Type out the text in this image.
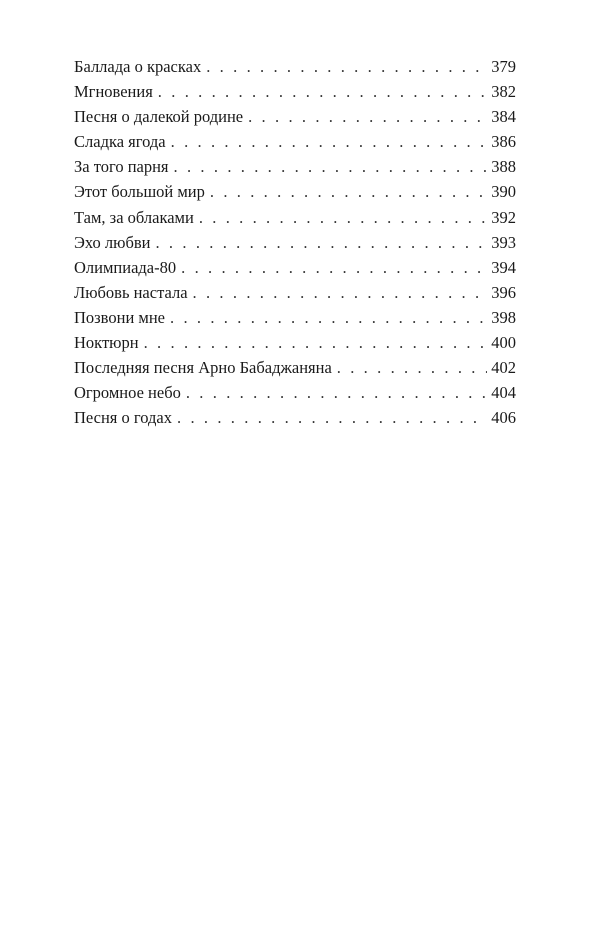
Баллада о красках . . .	379
Мгновения . . .	382
Песня о далекой родине . . .	384
Сладка ягода . . .	386
За того парня . . .	388
Этот большой мир . . .	390
Там, за облаками . . .	392
Эхо любви . . .	393
Олимпиада-80 . . .	394
Любовь настала . . .	396
Позвони мне . . .	398
Ноктюрн . . .	400
Последняя песня Арно Бабаджаняна . . .	402
Огромное небо . . .	404
Песня о годах . . .	406
